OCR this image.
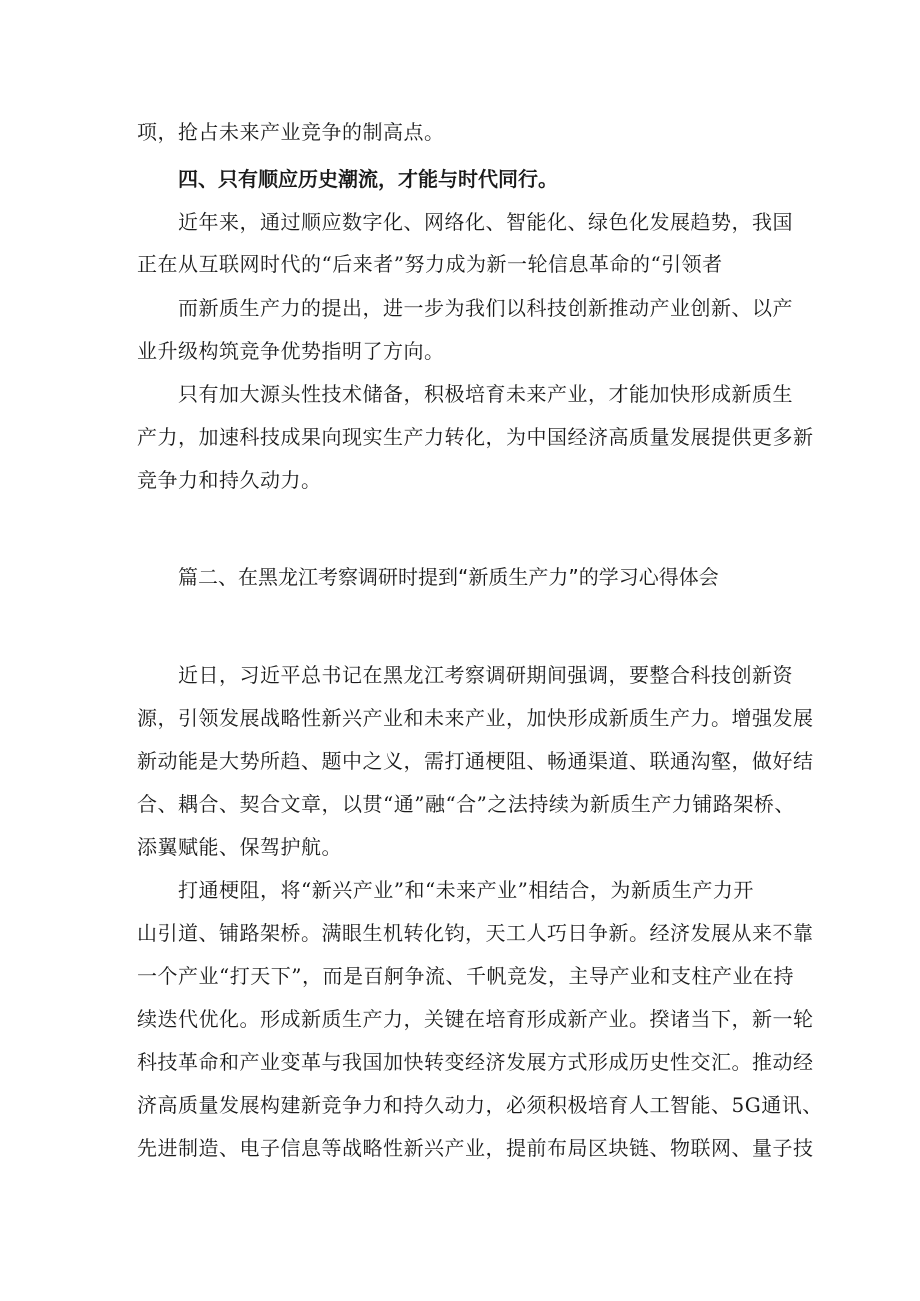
项，抢占未来产业竞争的制高点。
四、只有顺应历史潮流，才能与时代同行。
近年来，通过顺应数字化、网络化、智能化、绿色化发展趋势，我国
正在从互联网时代的“后来者”努力成为新一轮信息革命的“引领者
而新质生产力的提出，进一步为我们以科技创新推动产业创新、以产
业升级构筑竞争优势指明了方向。
只有加大源头性技术储备，积极培育未来产业，才能加快形成新质生
产力，加速科技成果向现实生产力转化，为中国经济高质量发展提供更多新
竞争力和持久动力。
篇二、在黑龙江考察调研时提到“新质生产力”的学习心得体会
近日，习近平总书记在黑龙江考察调研期间强调，要整合科技创新资
源，引领发展战略性新兴产业和未来产业，加快形成新质生产力。增强发展
新动能是大势所趋、题中之义，需打通梗阻、畅通渠道、联通沟壑，做好结
合、耦合、契合文章，以贯“通”融“合”之法持续为新质生产力铺路架桥、
添翼赋能、保驾护航。
打通梗阻，将“新兴产业”和“未来产业”相结合，为新质生产力开
山引道、铺路架桥。满眼生机转化钧，天工人巧日争新。经济发展从来不靠
一个产业“打天下”，而是百舸争流、千帆竞发，主导产业和支柱产业在持
续迭代优化。形成新质生产力，关键在培育形成新产业。揆诸当下，新一轮
科技革命和产业变革与我国加快转变经济发展方式形成历史性交汇。推动经
济高质量发展构建新竞争力和持久动力，必须积极培育人工智能、5G通讯、
先进制造、电子信息等战略性新兴产业，提前布局区块链、物联网、量子技
